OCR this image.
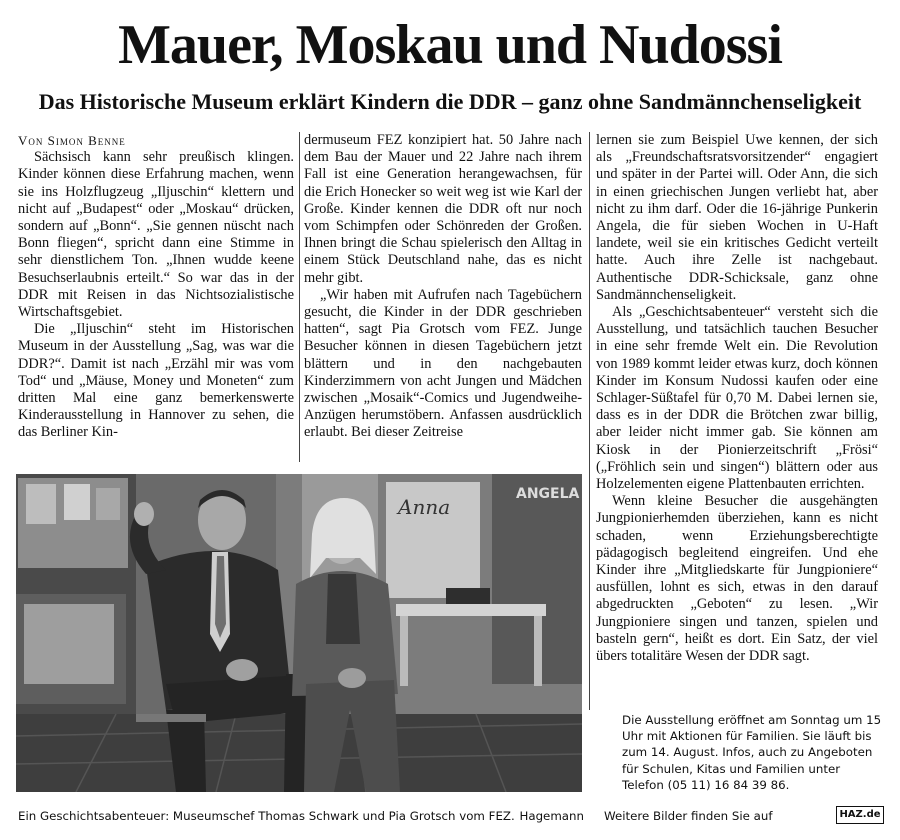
Mauer, Moskau und Nudossi
Das Historische Museum erklärt Kindern die DDR – ganz ohne Sandmännchenseligkeit

Von Simon Benne

Sächsisch kann sehr preußisch klingen. Kinder können diese Erfahrung machen, wenn sie ins Holzflugzeug „Iljuschin“ klettern und nicht auf „Budapest“ oder „Moskau“ drücken, sondern auf „Bonn“. „Sie gennen nüscht nach Bonn fliegen“, spricht dann eine Stimme in sehr dienstlichem Ton. „Ihnen wudde keene Besuchserlaubnis erteilt.“ So war das in der DDR mit Reisen in das Nichtsozialistische Wirtschaftsgebiet.

Die „Iljuschin“ steht im Historischen Museum in der Ausstellung „Sag, was war die DDR?“. Damit ist nach „Erzähl mir was vom Tod“ und „Mäuse, Money und Moneten“ zum dritten Mal eine ganz bemerkenswerte Kinderausstellung in Hannover zu sehen, die das Berliner Kin-

dermuseum FEZ konzipiert hat. 50 Jahre nach dem Bau der Mauer und 22 Jahre nach ihrem Fall ist eine Generation herangewachsen, für die Erich Honecker so weit weg ist wie Karl der Große. Kinder kennen die DDR oft nur noch vom Schimpfen oder Schönreden der Großen. Ihnen bringt die Schau spielerisch den Alltag in einem Stück Deutschland nahe, das es nicht mehr gibt.

„Wir haben mit Aufrufen nach Tagebüchern gesucht, die Kinder in der DDR geschrieben hatten“, sagt Pia Grotsch vom FEZ. Junge Besucher können in diesen Tagebüchern jetzt blättern und in den nachgebauten Kinderzimmern von acht Jungen und Mädchen zwischen „Mosaik“-Comics und Jugendweihe-Anzügen herumstöbern. Anfassen ausdrücklich erlaubt. Bei dieser Zeitreise

lernen sie zum Beispiel Uwe kennen, der sich als „Freundschaftsratsvorsitzender“ engagiert und später in der Partei will. Oder Ann, die sich in einen griechischen Jungen verliebt hat, aber nicht zu ihm darf. Oder die 16-jährige Punkerin Angela, die für sieben Wochen in U-Haft landete, weil sie ein kritisches Gedicht verteilt hatte. Auch ihre Zelle ist nachgebaut. Authentische DDR-Schicksale, ganz ohne Sandmännchenseligkeit.

Als „Geschichtsabenteuer“ versteht sich die Ausstellung, und tatsächlich tauchen Besucher in eine sehr fremde Welt ein. Die Revolution von 1989 kommt leider etwas kurz, doch können Kinder im Konsum Nudossi kaufen oder eine Schlager-Süßtafel für 0,70 M. Dabei lernen sie, dass es in der DDR die Brötchen zwar billig, aber leider nicht immer gab. Sie können am Kiosk in der Pionierzeitschrift „Frösi“ („Fröhlich sein und singen“) blättern oder aus Holzelementen eigene Plattenbauten errichten.

Wenn kleine Besucher die ausgehängten Jungpionierhemden überziehen, kann es nicht schaden, wenn Erziehungsberechtigte pädagogisch begleitend eingreifen. Und ehe Kinder ihre „Mitgliedskarte für Jungpioniere“ ausfüllen, lohnt es sich, etwas in den darauf abgedruckten „Geboten“ zu lesen. „Wir Jungpioniere singen und tanzen, spielen und basteln gern“, heißt es dort. Ein Satz, der viel übers totalitäre Wesen der DDR sagt.

Anna
ANGELA
Ein Geschichtsabenteuer: Museumschef Thomas Schwark und Pia Grotsch vom FEZ. Hagemann

Die Ausstellung eröffnet am Sonntag um 15 Uhr mit Aktionen für Familien. Sie läuft bis zum 14. August. Infos, auch zu Angeboten für Schulen, Kitas und Familien unter Telefon (05 11) 16 84 39 86.

Weitere Bilder finden Sie auf	HAZ.de
